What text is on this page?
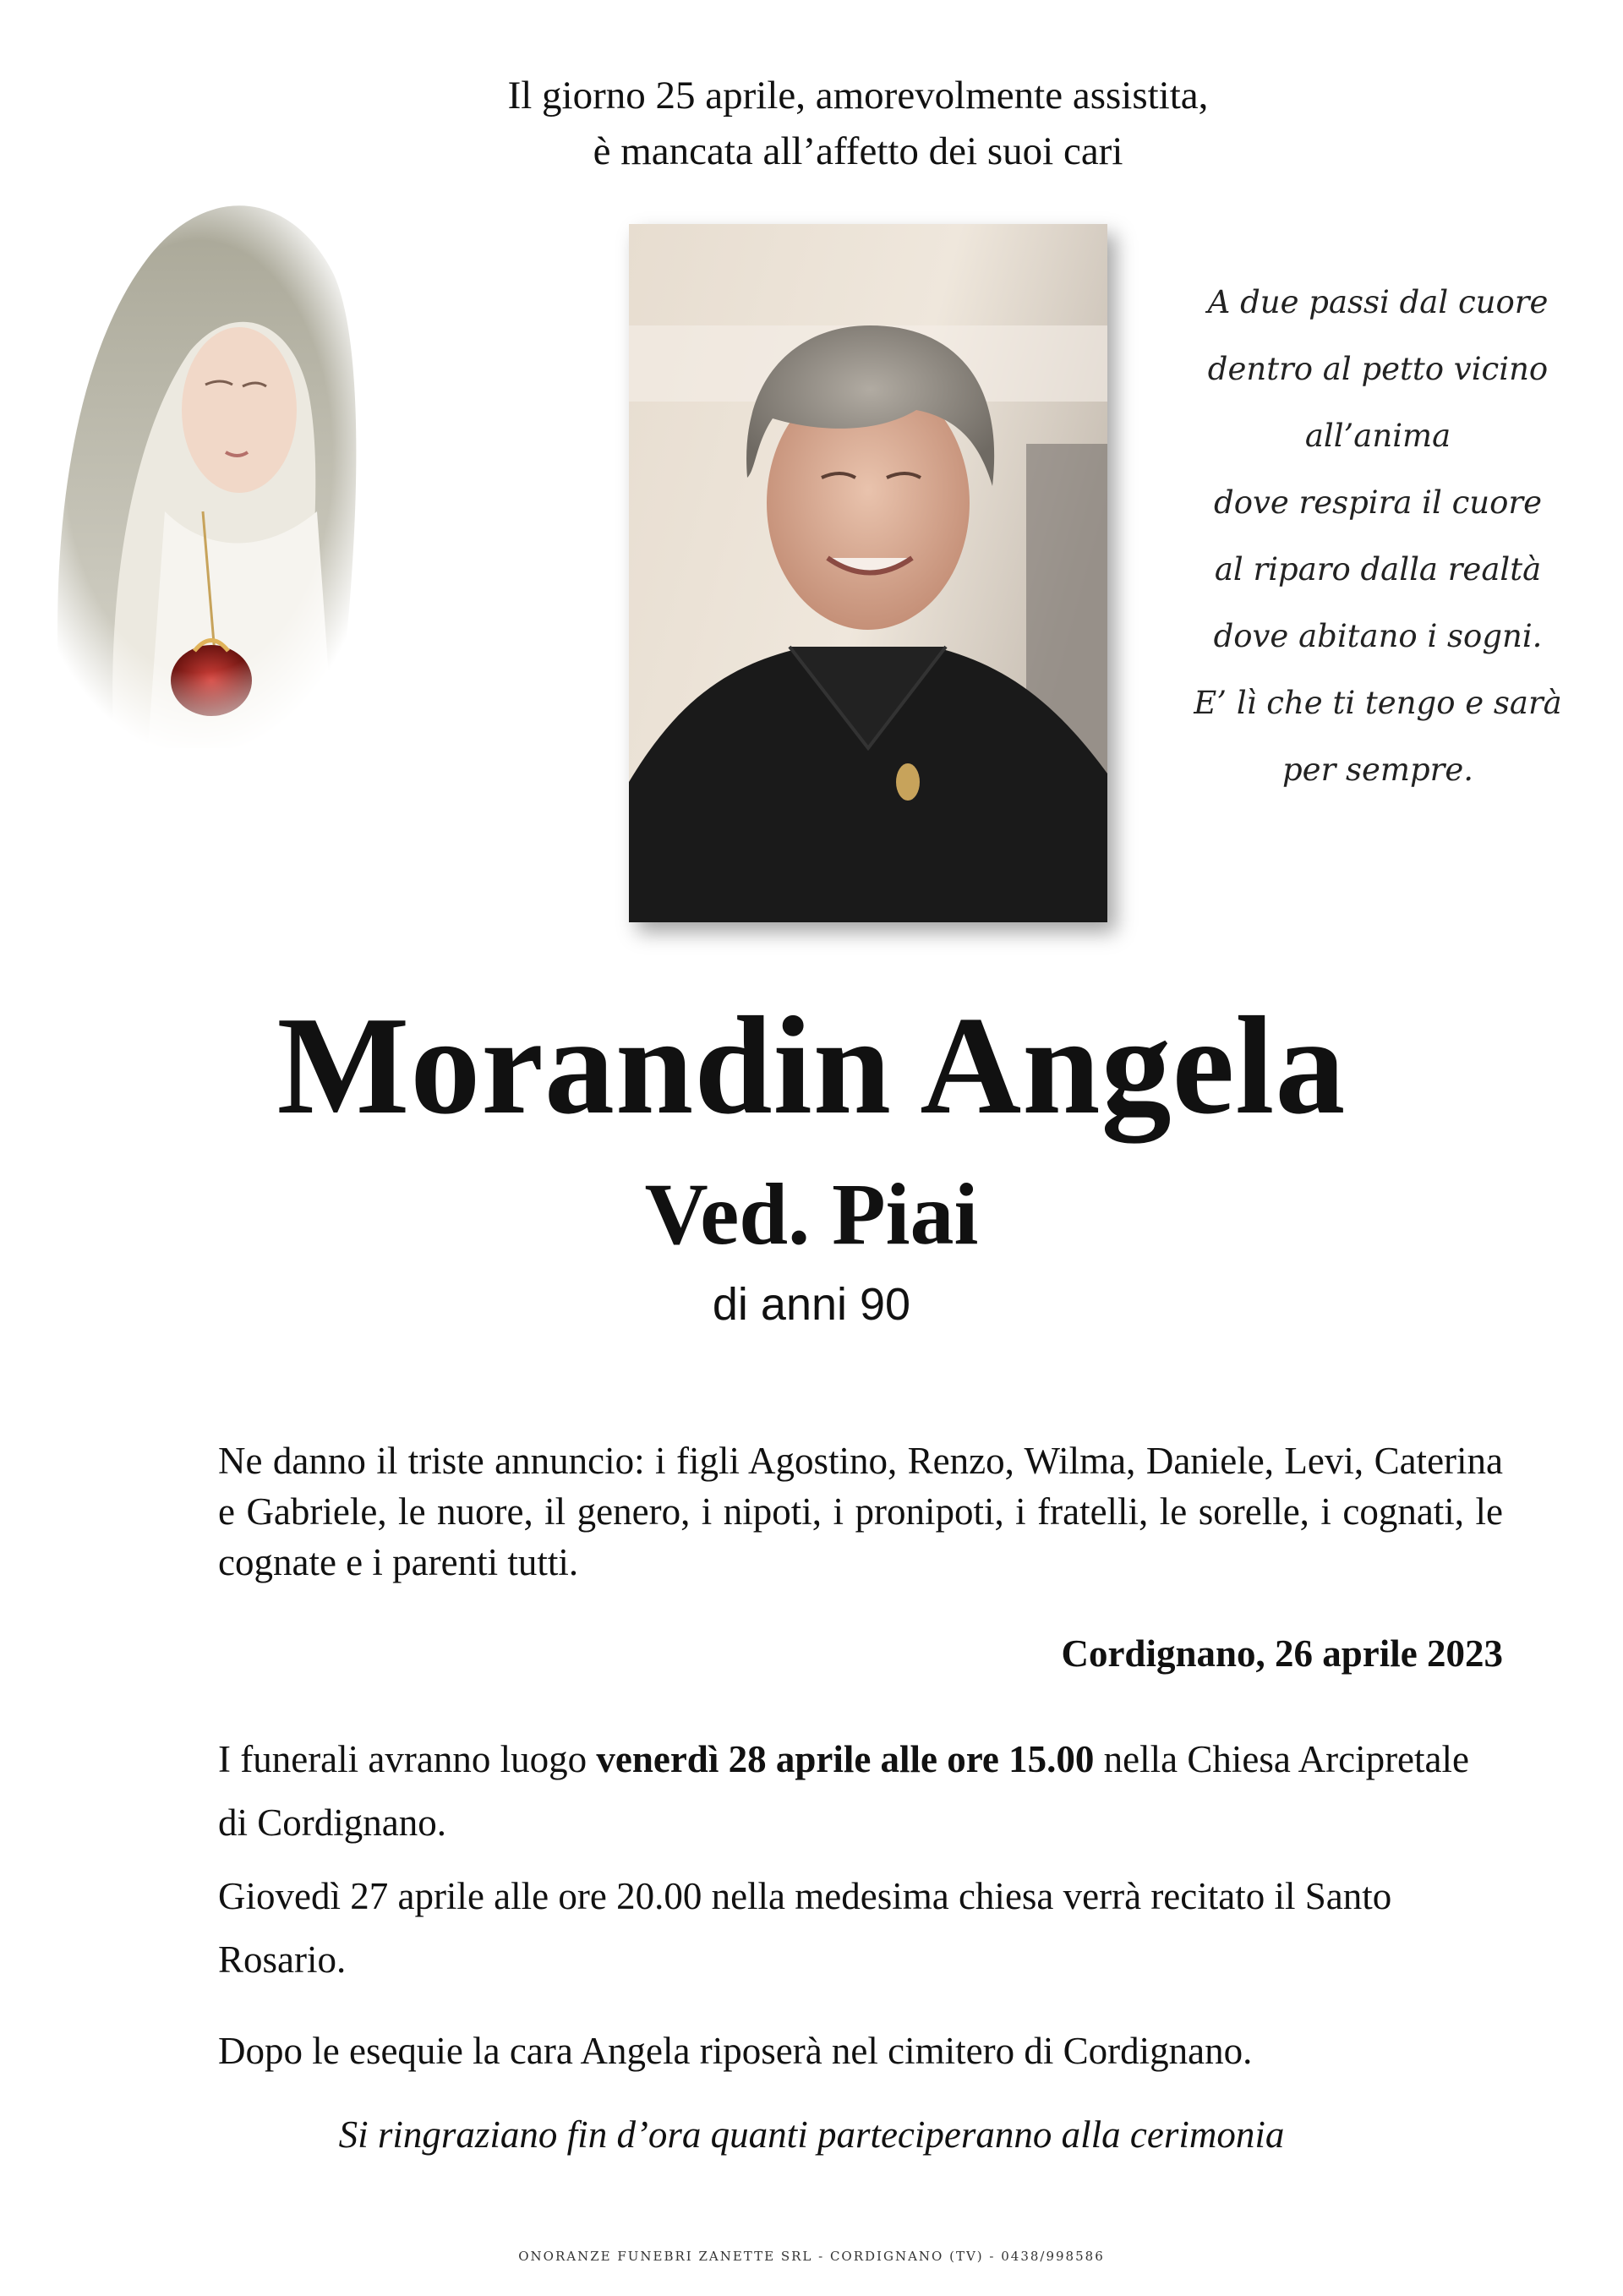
Il giorno 25 aprile, amorevolmente assistita,
è mancata all’affetto dei suoi cari
A due passi dal cuore
dentro al petto vicino
all’anima
dove respira il cuore
al riparo dalla realtà
dove abitano i sogni.
E’ lì che ti tengo e sarà
per sempre.
Morandin Angela
Ved. Piai
di anni 90
Ne danno il triste annuncio: i figli Agostino, Renzo, Wilma, Daniele, Levi, Caterina e Gabriele, le nuore, il genero, i nipoti, i pronipoti, i fratelli, le sorelle, i cognati, le cognate e i parenti tutti.
Cordignano, 26 aprile 2023
I funerali avranno luogo venerdì 28 aprile alle ore 15.00 nella Chiesa Arcipretale di Cordignano.
Giovedì 27 aprile alle ore 20.00 nella medesima chiesa verrà recitato il Santo Rosario.
Dopo le esequie la cara Angela riposerà nel cimitero di Cordignano.
Si ringraziano fin d’ora quanti parteciperanno alla cerimonia
ONORANZE FUNEBRI ZANETTE SRL - CORDIGNANO (TV) - 0438/998586
